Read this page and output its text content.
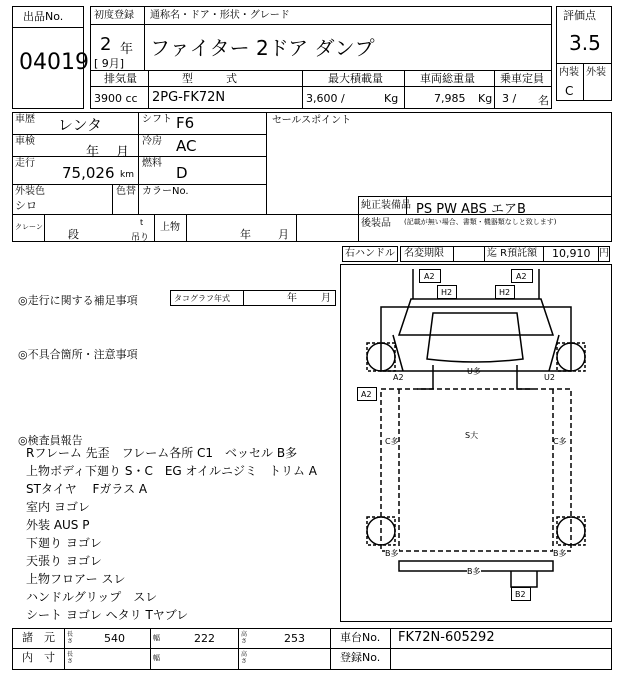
出品No.
04019
初度登録 通称名・ドア・形状・グレード
2 年
[ 9月]
ファイター 2ドア ダンプ
評価点
3.5
内装
C
外装
排気量	型　　　式	最大積載量	車両総重量 乗車定員
3900 cc 2PG-FK72N	3,600 /	Kg	7,985 Kg 3 / 名
車歴 レンタ	シフト F6	セールスポイント
車検
年 月
冷房 AC
走行
75,026 km
燃料
D
外装色
シロ
色替 カラーNo.
純正装備品 PS PW ABS エアB
後装品 (記載が無い場合、書類・機器類なしと致します)
クレーン
段
t
吊り
上物
年 月
右ハンドル 名変期限	迄 R預託額 10,910 円
◎走行に関する補足事項	タコグラフ年式	年 月
◎不具合箇所・注意事項
◎検査員報告
Rフレーム 先歪　フレーム各所 C1　ベッセル B多
上物ボディ下廻り S・C　EG オイルニジミ　トリム A
STタイヤ　 Fガラス A
室内 ヨゴレ
外装 AUS P
下廻り ヨゴレ
天張り ヨゴレ
上物フロアー スレ
ハンドルグリップ　スレ
シート ヨゴレ ヘタリ Tヤブレ
A2	A2
H2	H2
A2
U多
U2
A2
C多
S大
C多
B多	B多
B多
B2
諸　元 長さ	540	幅	222	高さ	253	車台No. FK72N-605292
内　寸 長さ	幅	高さ	登録No.
